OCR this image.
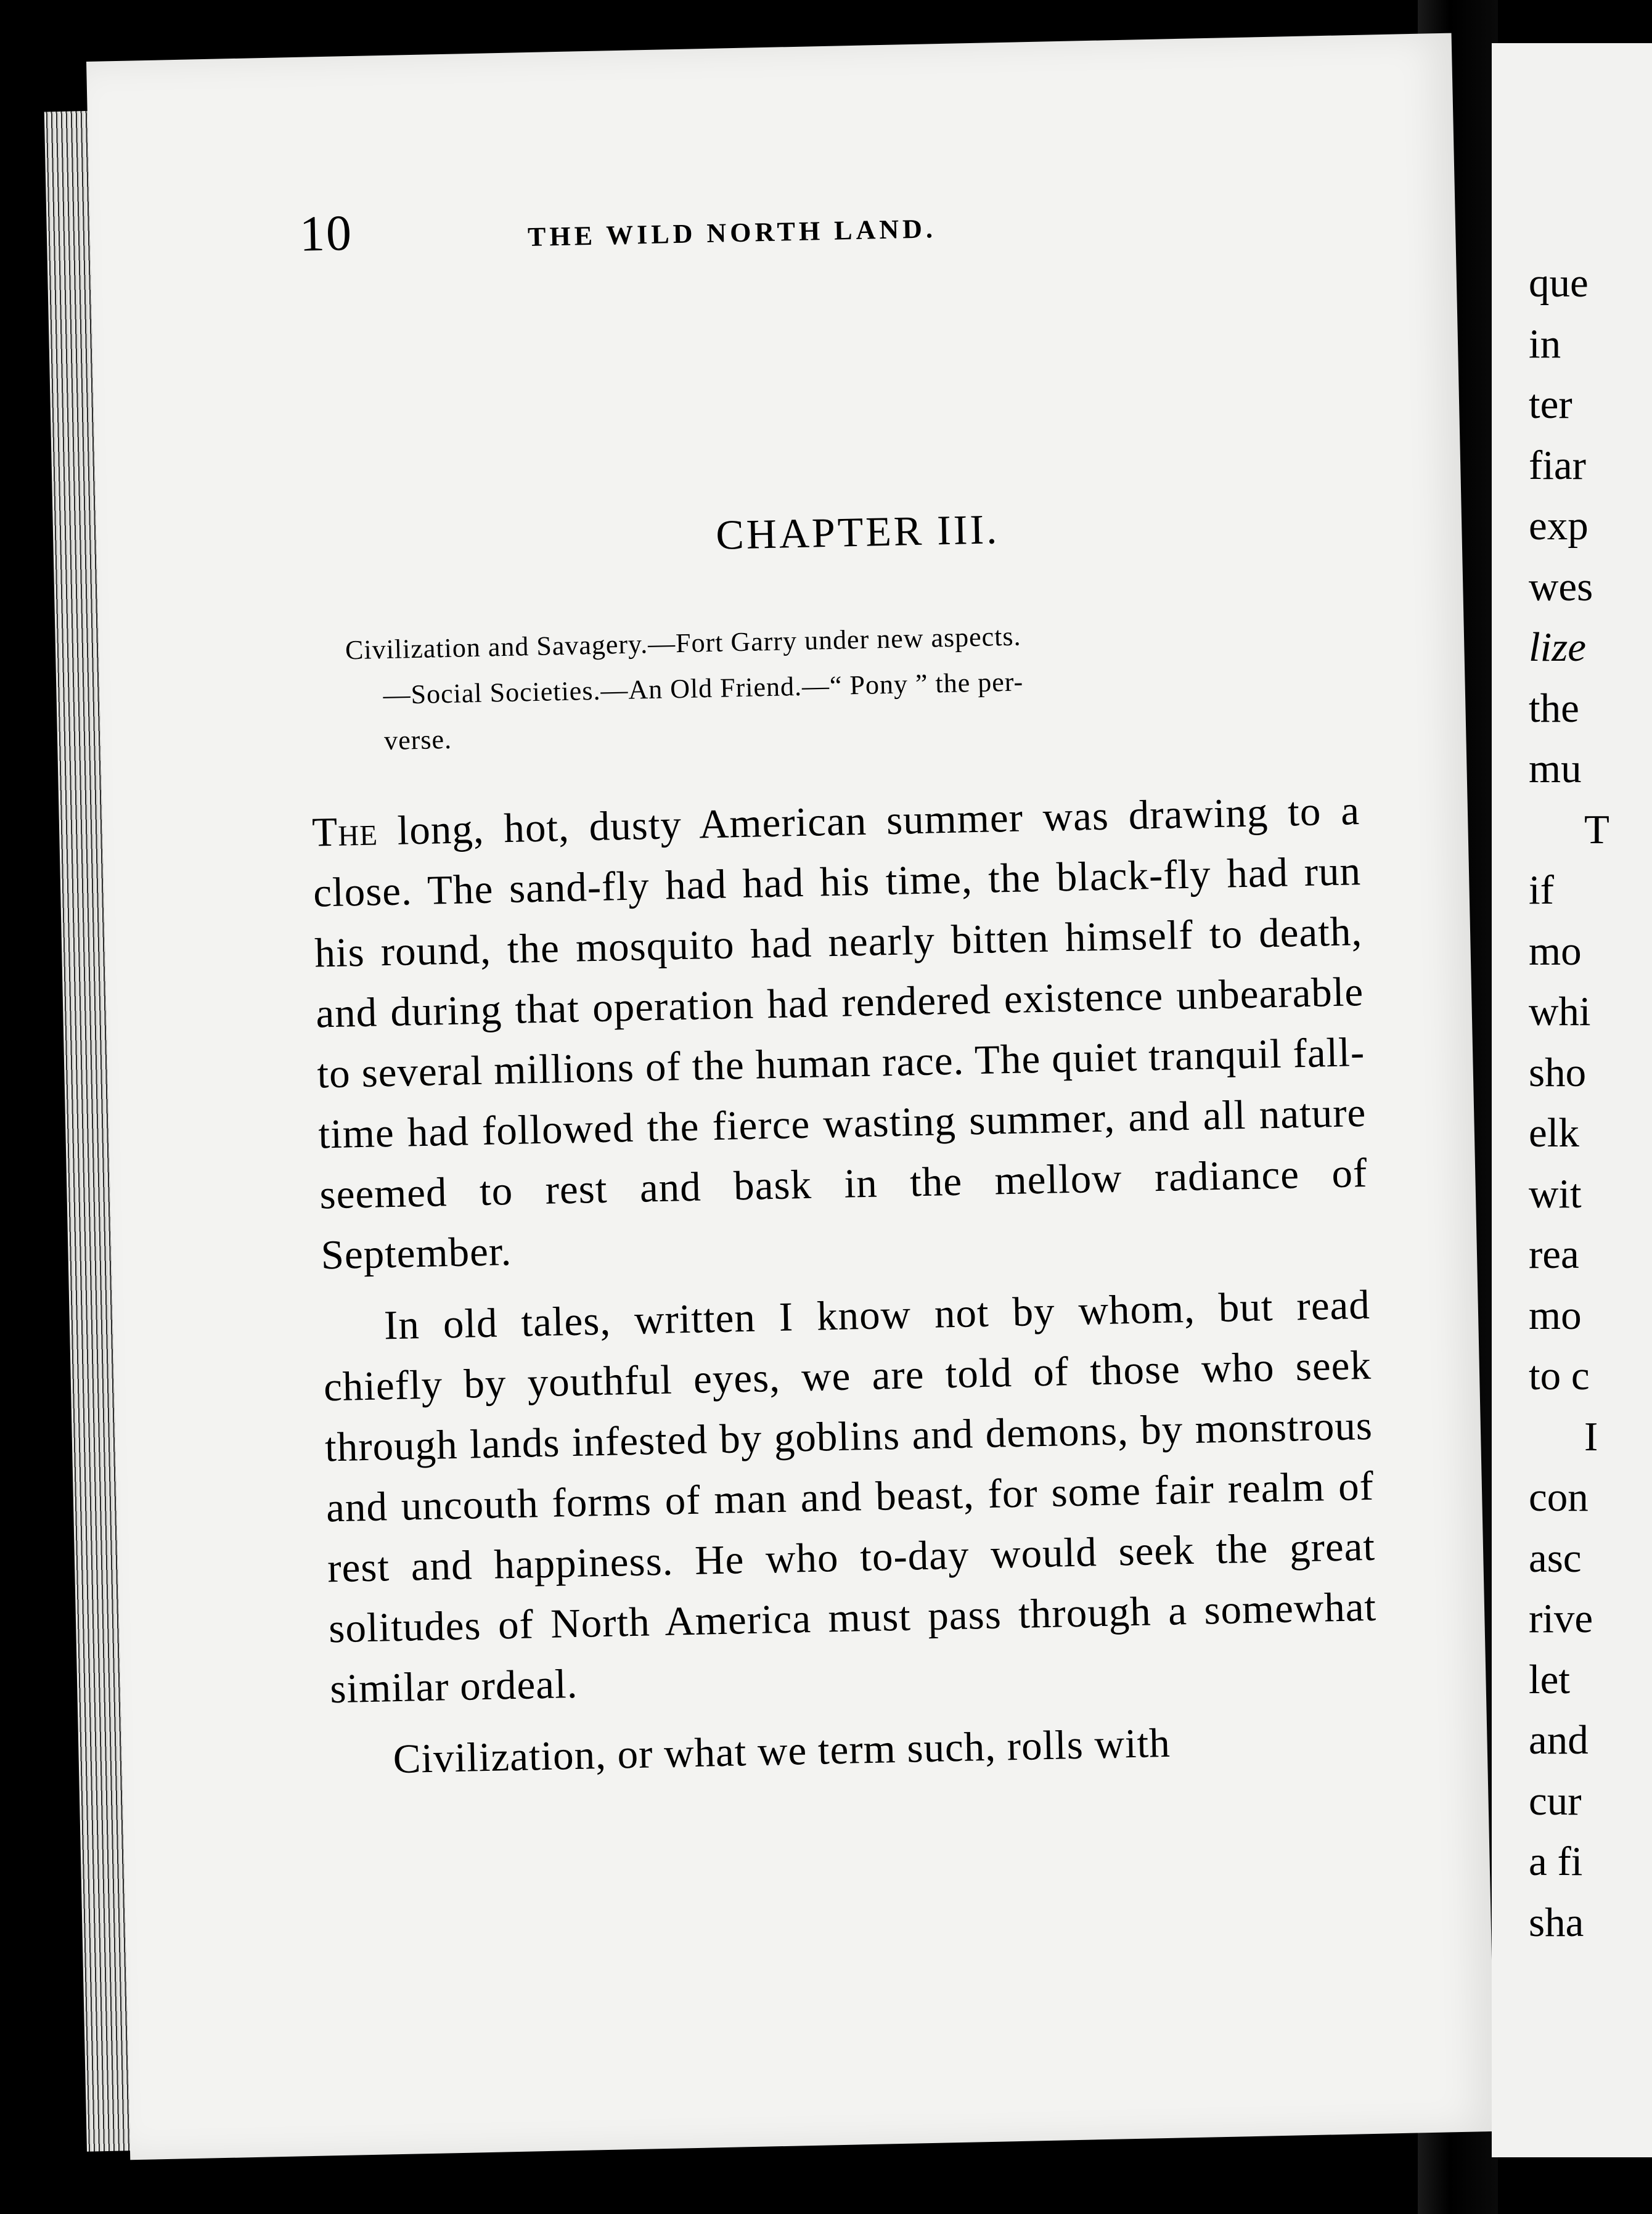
10	THE WILD NORTH LAND.
CHAPTER III.
Civilization and Savagery.—Fort Garry under new aspects.
—Social Societies.—An Old Friend.—“ Pony ” the per-
verse.

The long, hot, dusty American summer was drawing to a close. The sand-fly had had his time, the black-fly had run his round, the mosquito had nearly bitten himself to death, and during that operation had rendered existence unbearable to several millions of the human race. The quiet tranquil fall-time had followed the fierce wasting summer, and all nature seemed to rest and bask in the mellow radiance of September.

In old tales, written I know not by whom, but read chiefly by youthful eyes, we are told of those who seek through lands infested by goblins and demons, by monstrous and uncouth forms of man and beast, for some fair realm of rest and happiness. He who to-day would seek the great solitudes of North America must pass through a somewhat similar ordeal.

Civilization, or what we term such, rolls with

que
in
ter
fiar
exp
wes
lize
the
mu
T
if
mo
whi
sho
elk
wit
rea
mo
to c
I
con
asc
rive
let
and
cur
a fi
sha
